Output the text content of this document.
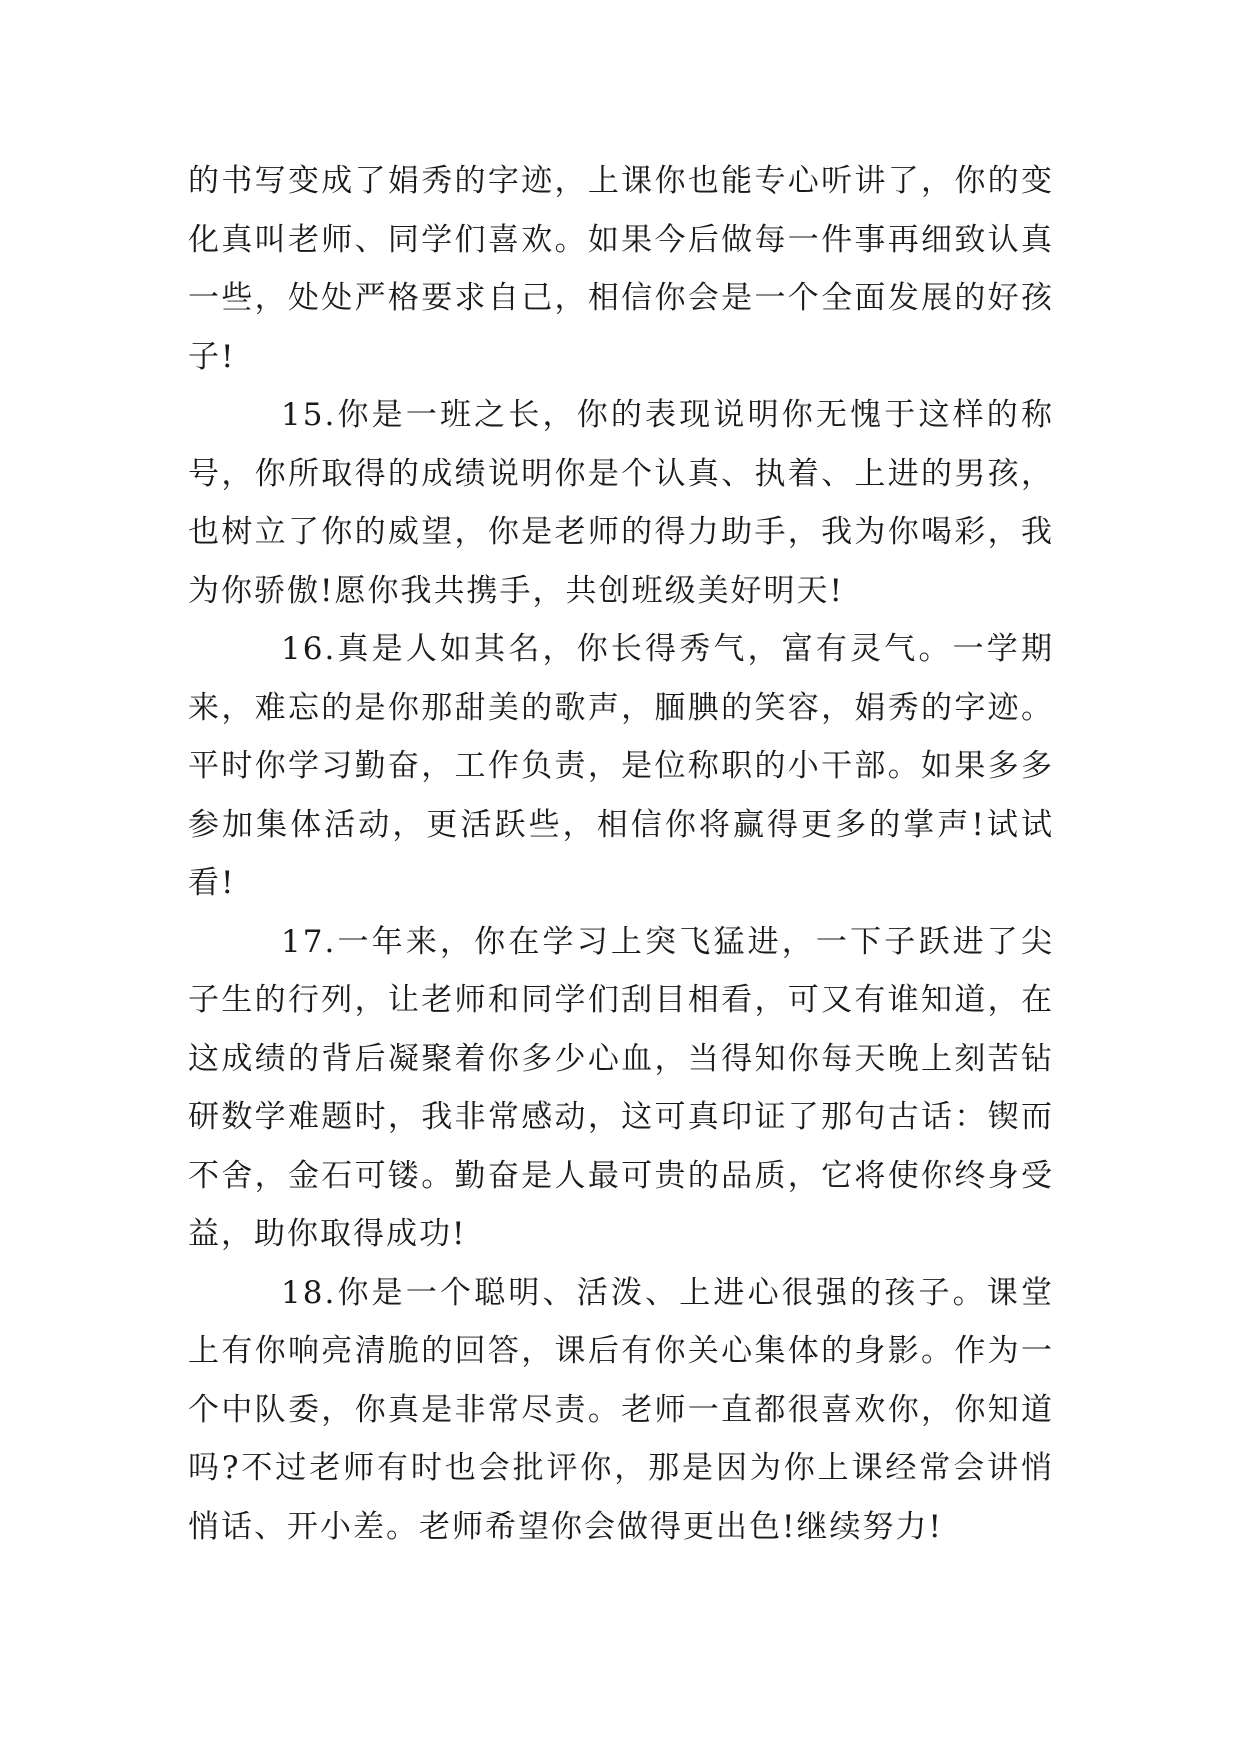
的书写变成了娟秀的字迹，上课你也能专心听讲了，你的变化真叫老师、同学们喜欢。如果今后做每一件事再细致认真一些，处处严格要求自己，相信你会是一个全面发展的好孩子!

15.你是一班之长，你的表现说明你无愧于这样的称号，你所取得的成绩说明你是个认真、执着、上进的男孩，也树立了你的威望，你是老师的得力助手，我为你喝彩，我为你骄傲!愿你我共携手，共创班级美好明天!

16.真是人如其名，你长得秀气，富有灵气。一学期来，难忘的是你那甜美的歌声，腼腆的笑容，娟秀的字迹。平时你学习勤奋，工作负责，是位称职的小干部。如果多多参加集体活动，更活跃些，相信你将赢得更多的掌声!试试看!

17.一年来，你在学习上突飞猛进，一下子跃进了尖子生的行列，让老师和同学们刮目相看，可又有谁知道，在这成绩的背后凝聚着你多少心血，当得知你每天晚上刻苦钻研数学难题时，我非常感动，这可真印证了那句古话：锲而不舍，金石可镂。勤奋是人最可贵的品质，它将使你终身受益，助你取得成功!

18.你是一个聪明、活泼、上进心很强的孩子。课堂上有你响亮清脆的回答，课后有你关心集体的身影。作为一个中队委，你真是非常尽责。老师一直都很喜欢你，你知道吗?不过老师有时也会批评你，那是因为你上课经常会讲悄悄话、开小差。老师希望你会做得更出色!继续努力!
